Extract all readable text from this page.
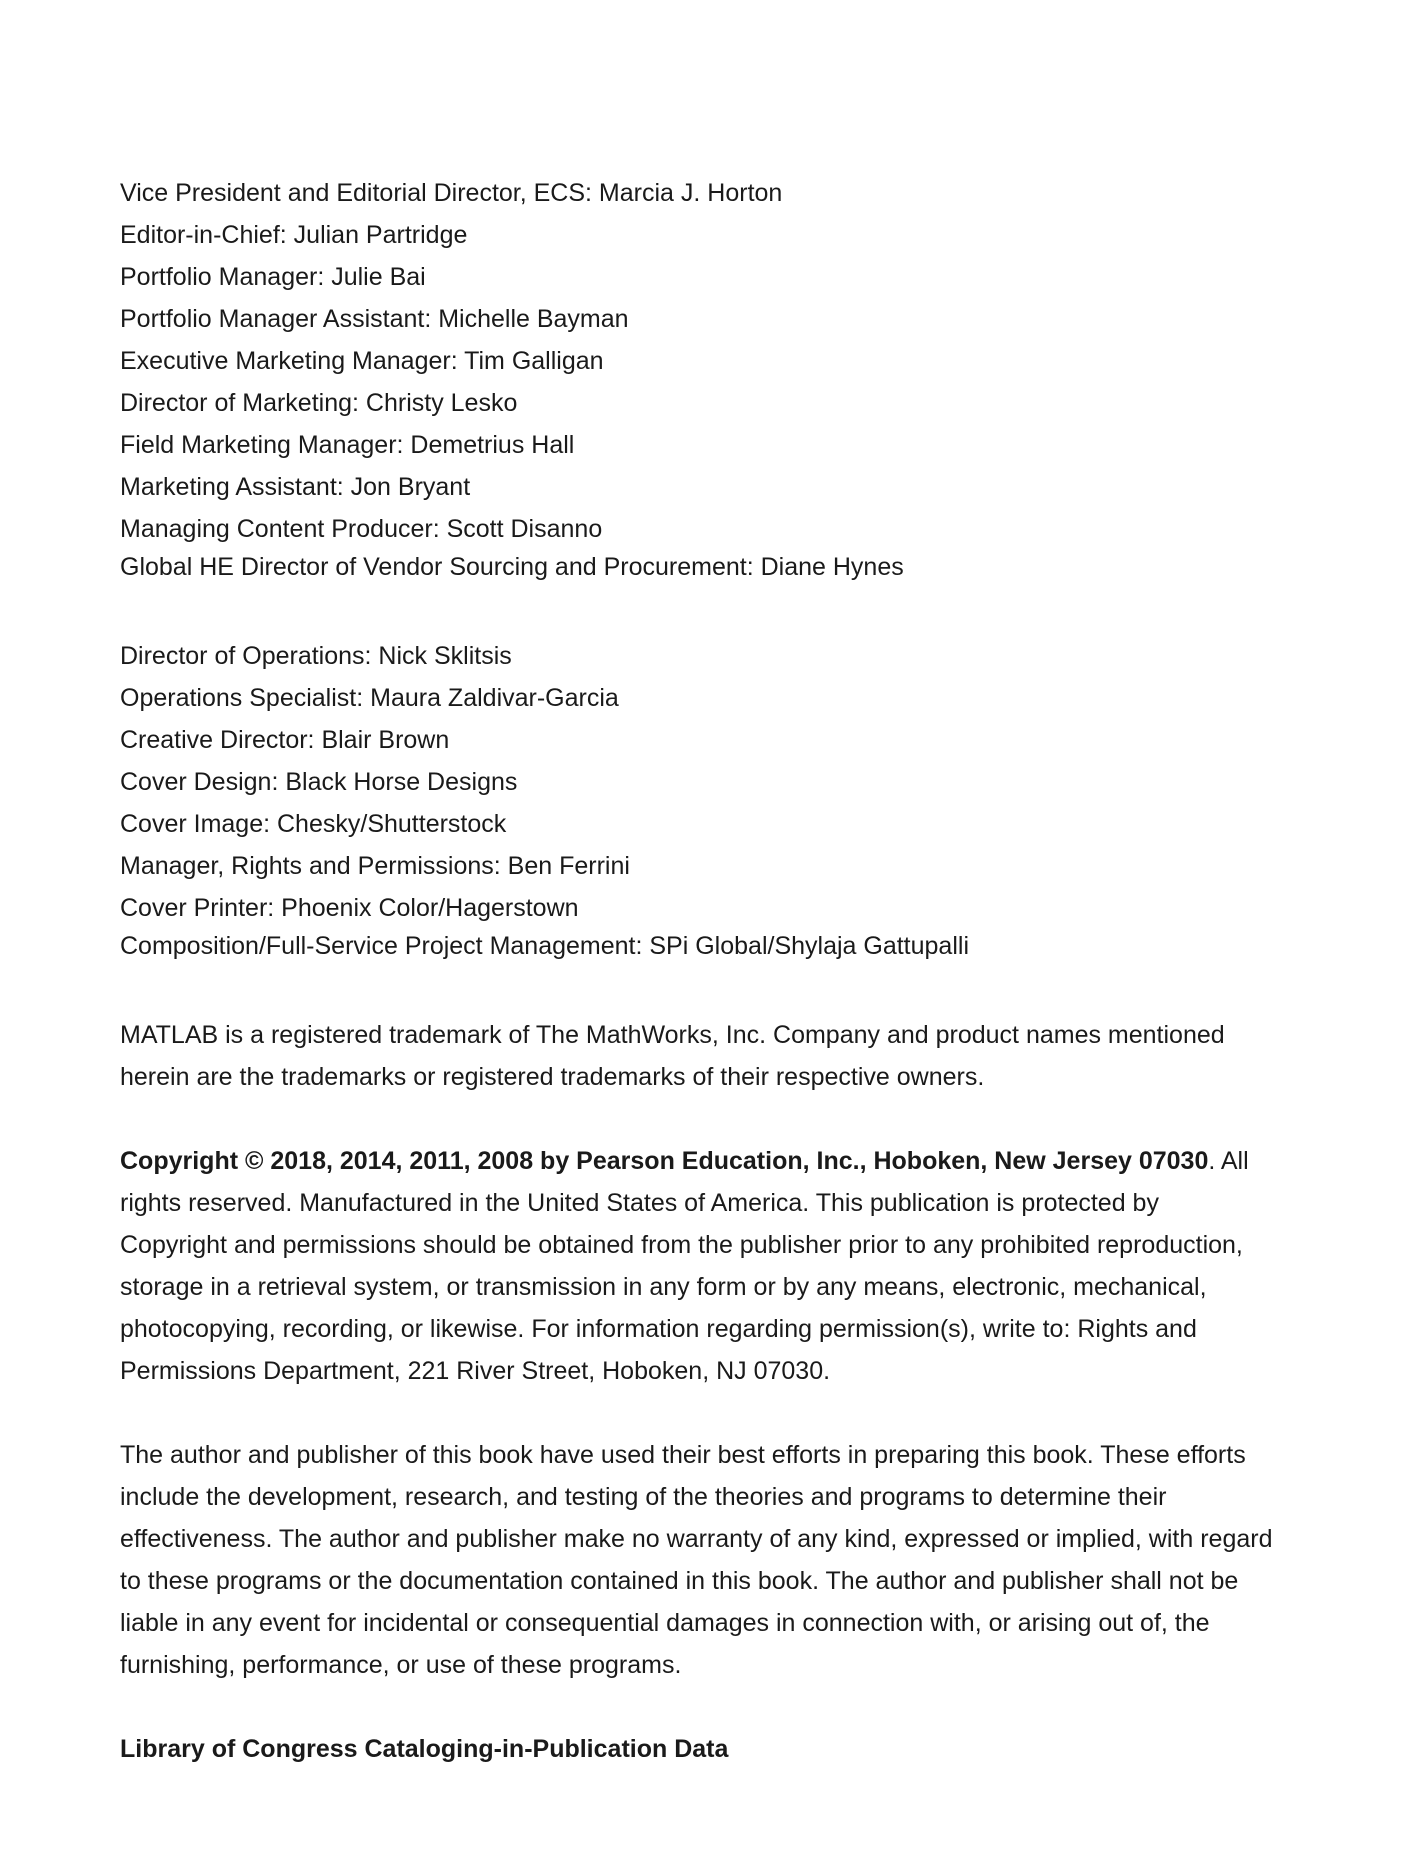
Vice President and Editorial Director, ECS: Marcia J. Horton
Editor-in-Chief: Julian Partridge
Portfolio Manager: Julie Bai
Portfolio Manager Assistant: Michelle Bayman
Executive Marketing Manager: Tim Galligan
Director of Marketing: Christy Lesko
Field Marketing Manager: Demetrius Hall
Marketing Assistant: Jon Bryant
Managing Content Producer: Scott Disanno
Global HE Director of Vendor Sourcing and Procurement: Diane Hynes
Director of Operations: Nick Sklitsis
Operations Specialist: Maura Zaldivar-Garcia
Creative Director: Blair Brown
Cover Design: Black Horse Designs
Cover Image: Chesky/Shutterstock
Manager, Rights and Permissions: Ben Ferrini
Cover Printer: Phoenix Color/Hagerstown
Composition/Full-Service Project Management: SPi Global/Shylaja Gattupalli
MATLAB is a registered trademark of The MathWorks, Inc. Company and product names mentioned
herein are the trademarks or registered trademarks of their respective owners.
Copyright © 2018, 2014, 2011, 2008 by Pearson Education, Inc., Hoboken, New Jersey 07030. All
rights reserved. Manufactured in the United States of America. This publication is protected by
Copyright and permissions should be obtained from the publisher prior to any prohibited reproduction,
storage in a retrieval system, or transmission in any form or by any means, electronic, mechanical,
photocopying, recording, or likewise. For information regarding permission(s), write to: Rights and
Permissions Department, 221 River Street, Hoboken, NJ 07030.
The author and publisher of this book have used their best efforts in preparing this book. These efforts
include the development, research, and testing of the theories and programs to determine their
effectiveness. The author and publisher make no warranty of any kind, expressed or implied, with regard
to these programs or the documentation contained in this book. The author and publisher shall not be
liable in any event for incidental or consequential damages in connection with, or arising out of, the
furnishing, performance, or use of these programs.
Library of Congress Cataloging-in-Publication Data
